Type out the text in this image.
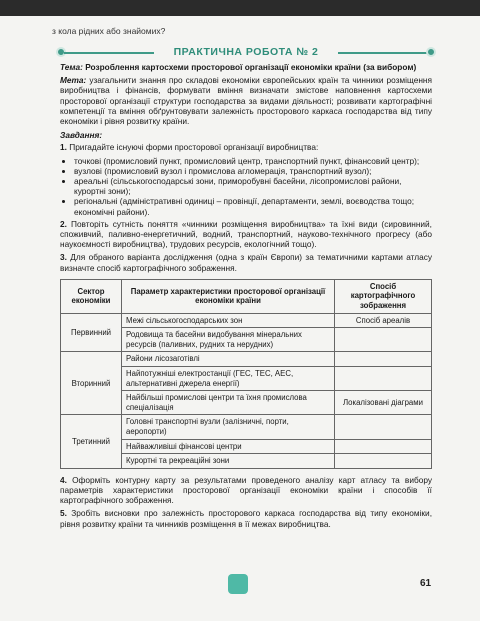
з кола рідних або знайомих?
ПРАКТИЧНА РОБОТА № 2

Тема: Розроблення картосхеми просторової організації економіки країни (за вибором)

Мета: узагальнити знання про складові економіки європейських країн та чинники розміщення виробництва і фінансів, формувати вміння визначати змістове наповнення картосхеми просторової організації структури господарства за видами діяльності; розвивати картографічні компетенції та вміння обґрунтовувати залежність просторового каркаса господарства від типу економіки і рівня розвитку країни.

Завдання:

1. Пригадайте існуючі форми просторової організації виробництва:

• точкові (промисловий пункт, промисловий центр, транспортний пункт, фінансовий центр);
• вузлові (промисловий вузол і промислова агломерація, транспортний вузол);
• ареальні (сільськогосподарські зони, приморобувні басейни, лісопромислові райони, курортні зони);
• регіональні (адміністративні одиниці – провінції, департаменти, землі, воєводства тощо; економічні райони).

2. Повторіть сутність поняття «чинники розміщення виробництва» та їхні види (сировинний, споживчий, паливно-енергетичний, водний, транспортний, науково-технічного прогресу (або наукоємності виробництва), трудових ресурсів, екологічний тощо).

3. Для обраного варіанта дослідження (одна з країн Європи) за тематичними картами атласу визначте спосіб картографічного зображення.

Сектор економіки	Параметр характеристики просторової організації економіки країни	Спосіб картографічного зображення
Первинний	Межі сільськогосподарських зон	Спосіб ареалів
	Родовища та басейни видобування мінеральних ресурсів (паливних, рудних та нерудних)	
Вторинний	Райони лісозаготівлі	
	Найпотужніші електростанції (ГЕС, ТЕС, АЕС, альтернативні джерела енергії)	
	Найбільші промислові центри та їхня промислова спеціалізація	Локалізовані діаграми
Третинний	Головні транспортні вузли (залізничні, порти, аеропорти)	
	Найважливіші фінансові центри	
	Курортні та рекреаційні зони	

4. Оформіть контурну карту за результатами проведеного аналізу карт атласу та вибору параметрів характеристики просторової організації економіки країни і способів її картографічного зображення.

5. Зробіть висновки про залежність просторового каркаса господарства від типу економіки, рівня розвитку країни та чинників розміщення в її межах виробництва.

61
